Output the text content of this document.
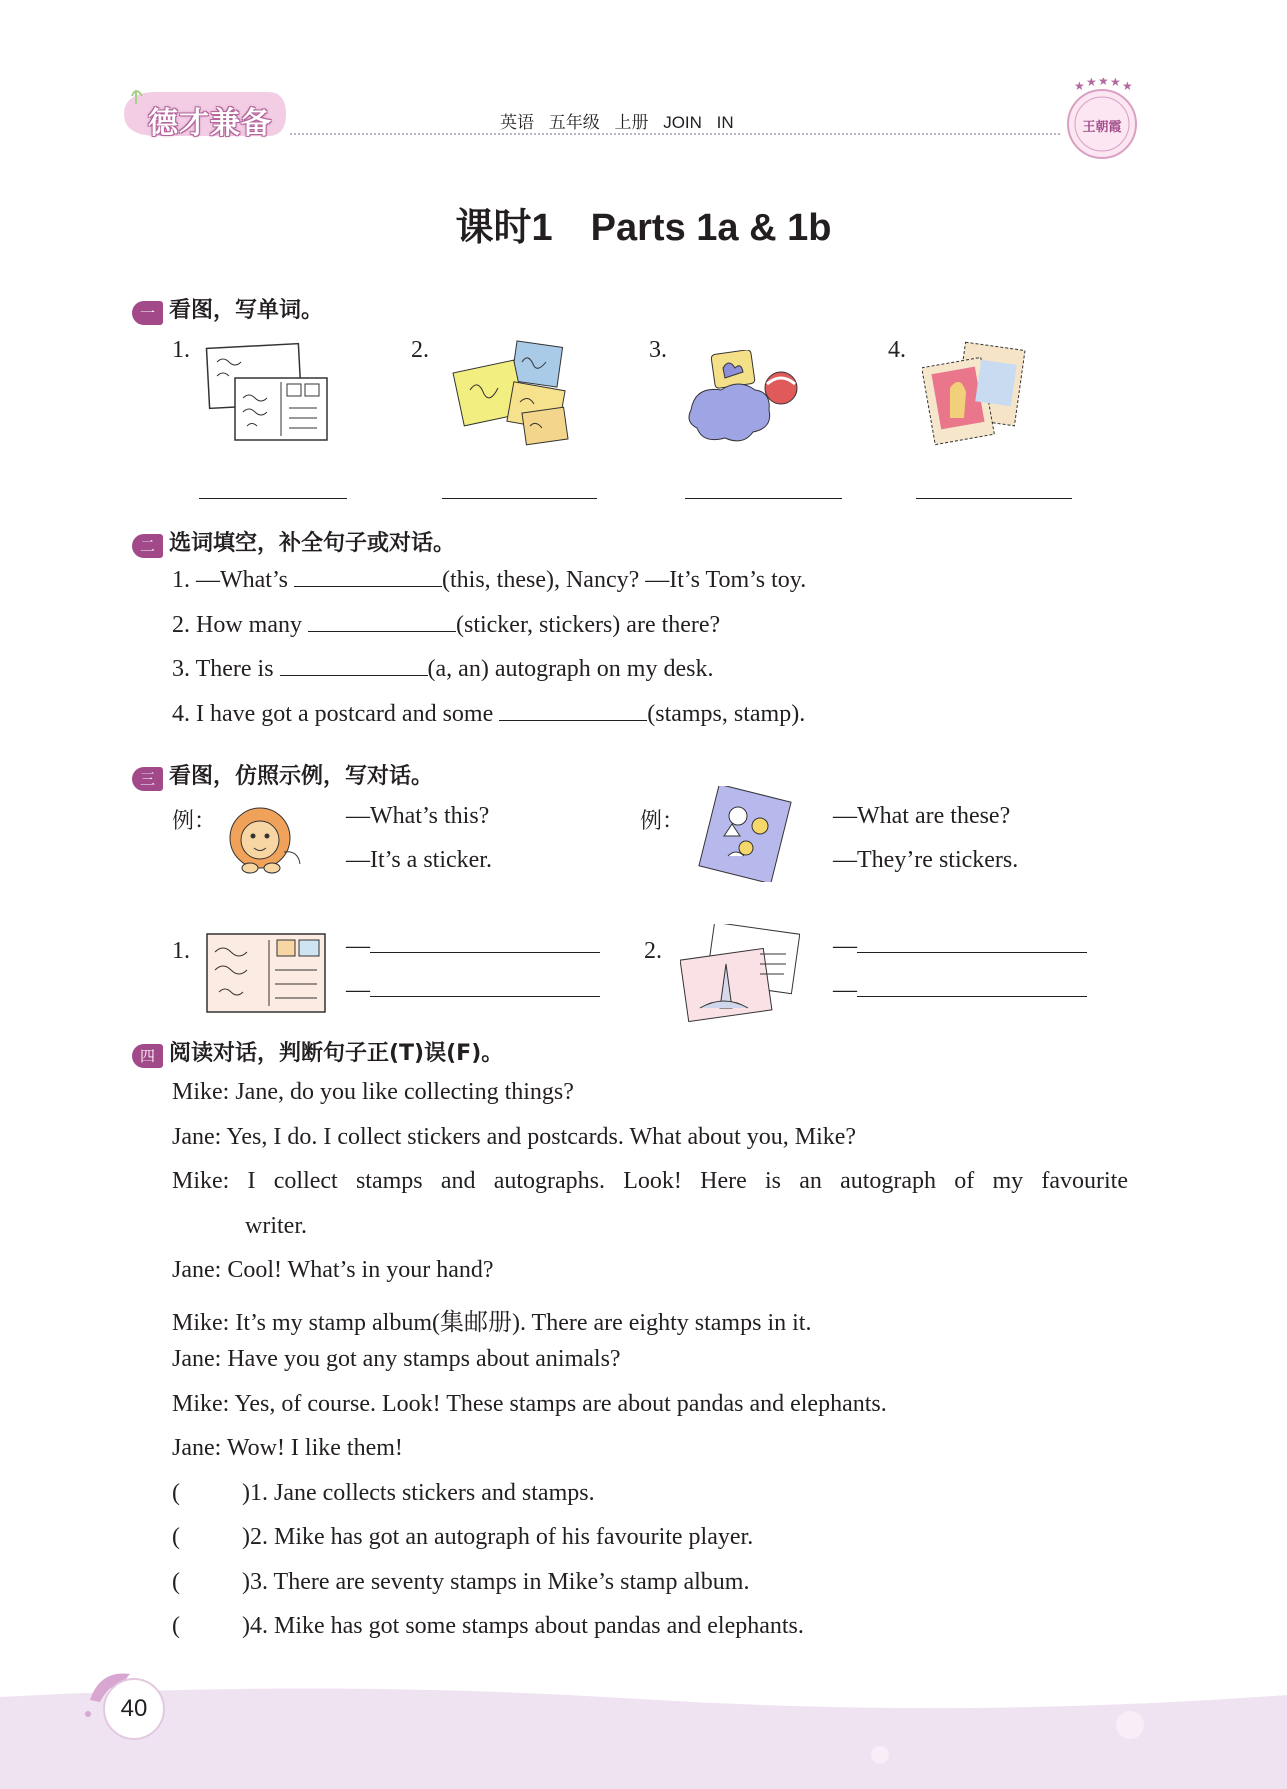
德才兼备	英语 五年级 上册 JOIN IN
★ ★ ★ ★ ★
王朝霞
课时1　Parts 1a & 1b
一 看图，写单词。
1.	2.	3.	4.
二 选词填空，补全句子或对话。
1. —What’s	(this, these), Nancy? —It’s Tom’s toy.
2. How many	(sticker, stickers) are there?
3. There is	(a, an) autograph on my desk.
4. I have got a postcard and some	(stamps, stamp).
三 看图，仿照示例，写对话。
例：	—What’s this?
—It’s a sticker.
例：	—What are these?
—They’re stickers.
1.	—
—
2.	—
—
四 阅读对话，判断句子正(T)误(F)。
Mike: Jane, do you like collecting things?
Jane: Yes, I do. I collect stickers and postcards. What about you, Mike?
Mike: I collect stamps and autographs. Look! Here is an autograph of my favourite
writer.
Jane: Cool! What’s in your hand?
Mike: It’s my stamp album(集邮册). There are eighty stamps in it.
Jane: Have you got any stamps about animals?
Mike: Yes, of course. Look! These stamps are about pandas and elephants.
Jane: Wow! I like them!
(	)1. Jane collects stickers and stamps.
(	)2. Mike has got an autograph of his favourite player.
(	)3. There are seventy stamps in Mike’s stamp album.
(	)4. Mike has got some stamps about pandas and elephants.
40
